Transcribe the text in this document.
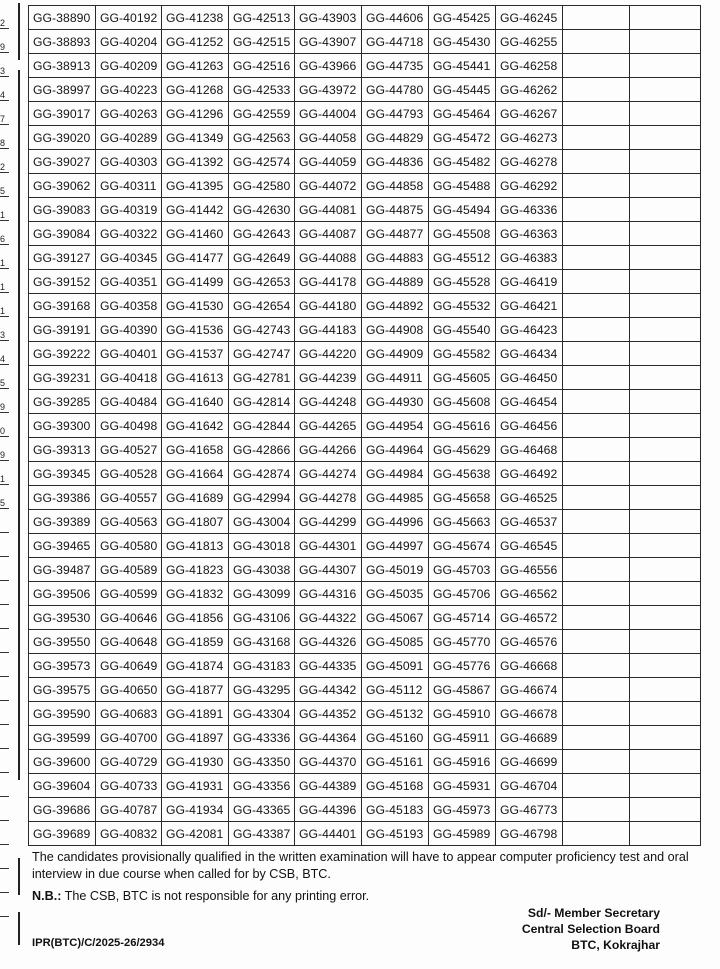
2
9
3
4
7
8
2
5
1
6
1
1
1
3
4
5
9
0
9
1
5
GG-38890	GG-40192	GG-41238	GG-42513	GG-43903	GG-44606	GG-45425	GG-46245		
GG-38893	GG-40204	GG-41252	GG-42515	GG-43907	GG-44718	GG-45430	GG-46255		
GG-38913	GG-40209	GG-41263	GG-42516	GG-43966	GG-44735	GG-45441	GG-46258		
GG-38997	GG-40223	GG-41268	GG-42533	GG-43972	GG-44780	GG-45445	GG-46262		
GG-39017	GG-40263	GG-41296	GG-42559	GG-44004	GG-44793	GG-45464	GG-46267		
GG-39020	GG-40289	GG-41349	GG-42563	GG-44058	GG-44829	GG-45472	GG-46273		
GG-39027	GG-40303	GG-41392	GG-42574	GG-44059	GG-44836	GG-45482	GG-46278		
GG-39062	GG-40311	GG-41395	GG-42580	GG-44072	GG-44858	GG-45488	GG-46292		
GG-39083	GG-40319	GG-41442	GG-42630	GG-44081	GG-44875	GG-45494	GG-46336		
GG-39084	GG-40322	GG-41460	GG-42643	GG-44087	GG-44877	GG-45508	GG-46363		
GG-39127	GG-40345	GG-41477	GG-42649	GG-44088	GG-44883	GG-45512	GG-46383		
GG-39152	GG-40351	GG-41499	GG-42653	GG-44178	GG-44889	GG-45528	GG-46419		
GG-39168	GG-40358	GG-41530	GG-42654	GG-44180	GG-44892	GG-45532	GG-46421		
GG-39191	GG-40390	GG-41536	GG-42743	GG-44183	GG-44908	GG-45540	GG-46423		
GG-39222	GG-40401	GG-41537	GG-42747	GG-44220	GG-44909	GG-45582	GG-46434		
GG-39231	GG-40418	GG-41613	GG-42781	GG-44239	GG-44911	GG-45605	GG-46450		
GG-39285	GG-40484	GG-41640	GG-42814	GG-44248	GG-44930	GG-45608	GG-46454		
GG-39300	GG-40498	GG-41642	GG-42844	GG-44265	GG-44954	GG-45616	GG-46456		
GG-39313	GG-40527	GG-41658	GG-42866	GG-44266	GG-44964	GG-45629	GG-46468		
GG-39345	GG-40528	GG-41664	GG-42874	GG-44274	GG-44984	GG-45638	GG-46492		
GG-39386	GG-40557	GG-41689	GG-42994	GG-44278	GG-44985	GG-45658	GG-46525		
GG-39389	GG-40563	GG-41807	GG-43004	GG-44299	GG-44996	GG-45663	GG-46537		
GG-39465	GG-40580	GG-41813	GG-43018	GG-44301	GG-44997	GG-45674	GG-46545		
GG-39487	GG-40589	GG-41823	GG-43038	GG-44307	GG-45019	GG-45703	GG-46556		
GG-39506	GG-40599	GG-41832	GG-43099	GG-44316	GG-45035	GG-45706	GG-46562		
GG-39530	GG-40646	GG-41856	GG-43106	GG-44322	GG-45067	GG-45714	GG-46572		
GG-39550	GG-40648	GG-41859	GG-43168	GG-44326	GG-45085	GG-45770	GG-46576		
GG-39573	GG-40649	GG-41874	GG-43183	GG-44335	GG-45091	GG-45776	GG-46668		
GG-39575	GG-40650	GG-41877	GG-43295	GG-44342	GG-45112	GG-45867	GG-46674		
GG-39590	GG-40683	GG-41891	GG-43304	GG-44352	GG-45132	GG-45910	GG-46678		
GG-39599	GG-40700	GG-41897	GG-43336	GG-44364	GG-45160	GG-45911	GG-46689		
GG-39600	GG-40729	GG-41930	GG-43350	GG-44370	GG-45161	GG-45916	GG-46699		
GG-39604	GG-40733	GG-41931	GG-43356	GG-44389	GG-45168	GG-45931	GG-46704		
GG-39686	GG-40787	GG-41934	GG-43365	GG-44396	GG-45183	GG-45973	GG-46773		
GG-39689	GG-40832	GG-42081	GG-43387	GG-44401	GG-45193	GG-45989	GG-46798		

The candidates provisionally qualified in the written examination will have to appear computer proficiency test and oral interview in due course when called for by CSB, BTC.

N.B.: The CSB, BTC is not responsible for any printing error.

Sd/- Member Secretary
Central Selection Board
BTC, Kokrajhar
IPR(BTC)/C/2025-26/2934
